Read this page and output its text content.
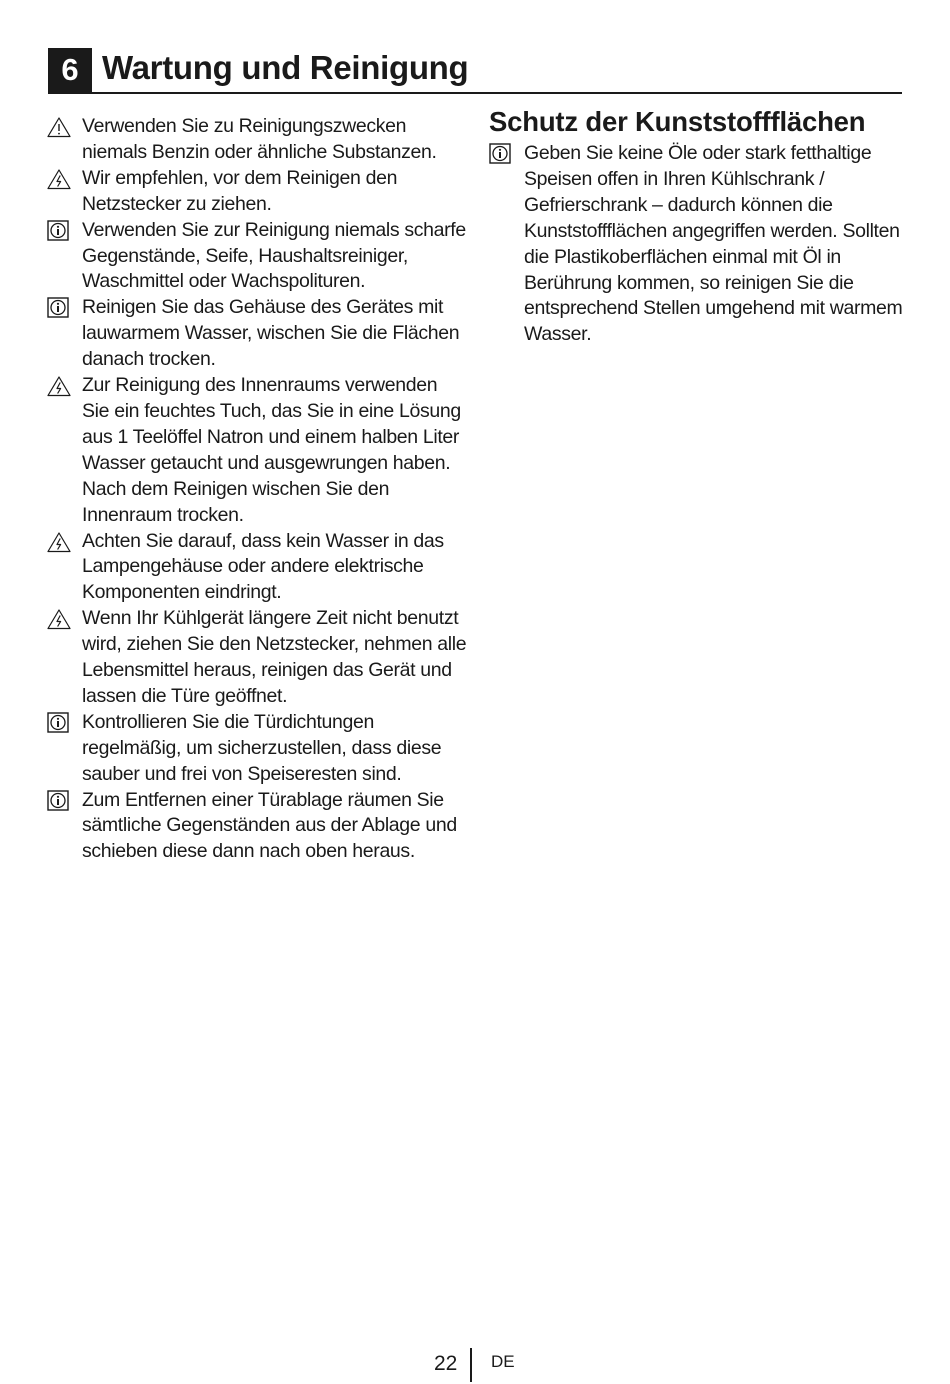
6 Wartung und Reinigung
Verwenden Sie zu Reinigungszwecken niemals Benzin oder ähnliche Substanzen.
Wir empfehlen, vor dem Reinigen den Netzstecker zu ziehen.
Verwenden Sie zur Reinigung niemals scharfe Gegenstände, Seife, Haushaltsreiniger, Waschmittel oder Wachspolituren.
Reinigen Sie das Gehäuse des Gerätes mit lauwarmem Wasser, wischen Sie die Flächen danach trocken.
Zur Reinigung des Innenraums verwenden Sie ein feuchtes Tuch, das Sie in eine Lösung aus 1 Teelöffel Natron und einem halben Liter Wasser getaucht und ausgewrungen haben. Nach dem Reinigen wischen Sie den Innenraum trocken.
Achten Sie darauf, dass kein Wasser in das Lampengehäuse oder andere elektrische Komponenten eindringt.
Wenn Ihr Kühlgerät längere Zeit nicht benutzt wird, ziehen Sie den Netzstecker, nehmen alle Lebensmittel heraus, reinigen das Gerät und lassen die Türe geöffnet.
Kontrollieren Sie die Türdichtungen regelmäßig, um sicherzustellen, dass diese sauber und frei von Speiseresten sind.
Zum Entfernen einer Türablage räumen Sie sämtliche Gegenständen aus der Ablage und schieben diese dann nach oben heraus.
Schutz der Kunststoffflächen
Geben Sie keine Öle oder stark fetthaltige Speisen offen in Ihren Kühlschrank / Gefrierschrank – dadurch können die Kunststoffflächen angegriffen werden. Sollten die Plastikoberflächen einmal mit Öl in Berührung kommen, so reinigen Sie die entsprechend Stellen umgehend mit warmem Wasser.
22 DE
